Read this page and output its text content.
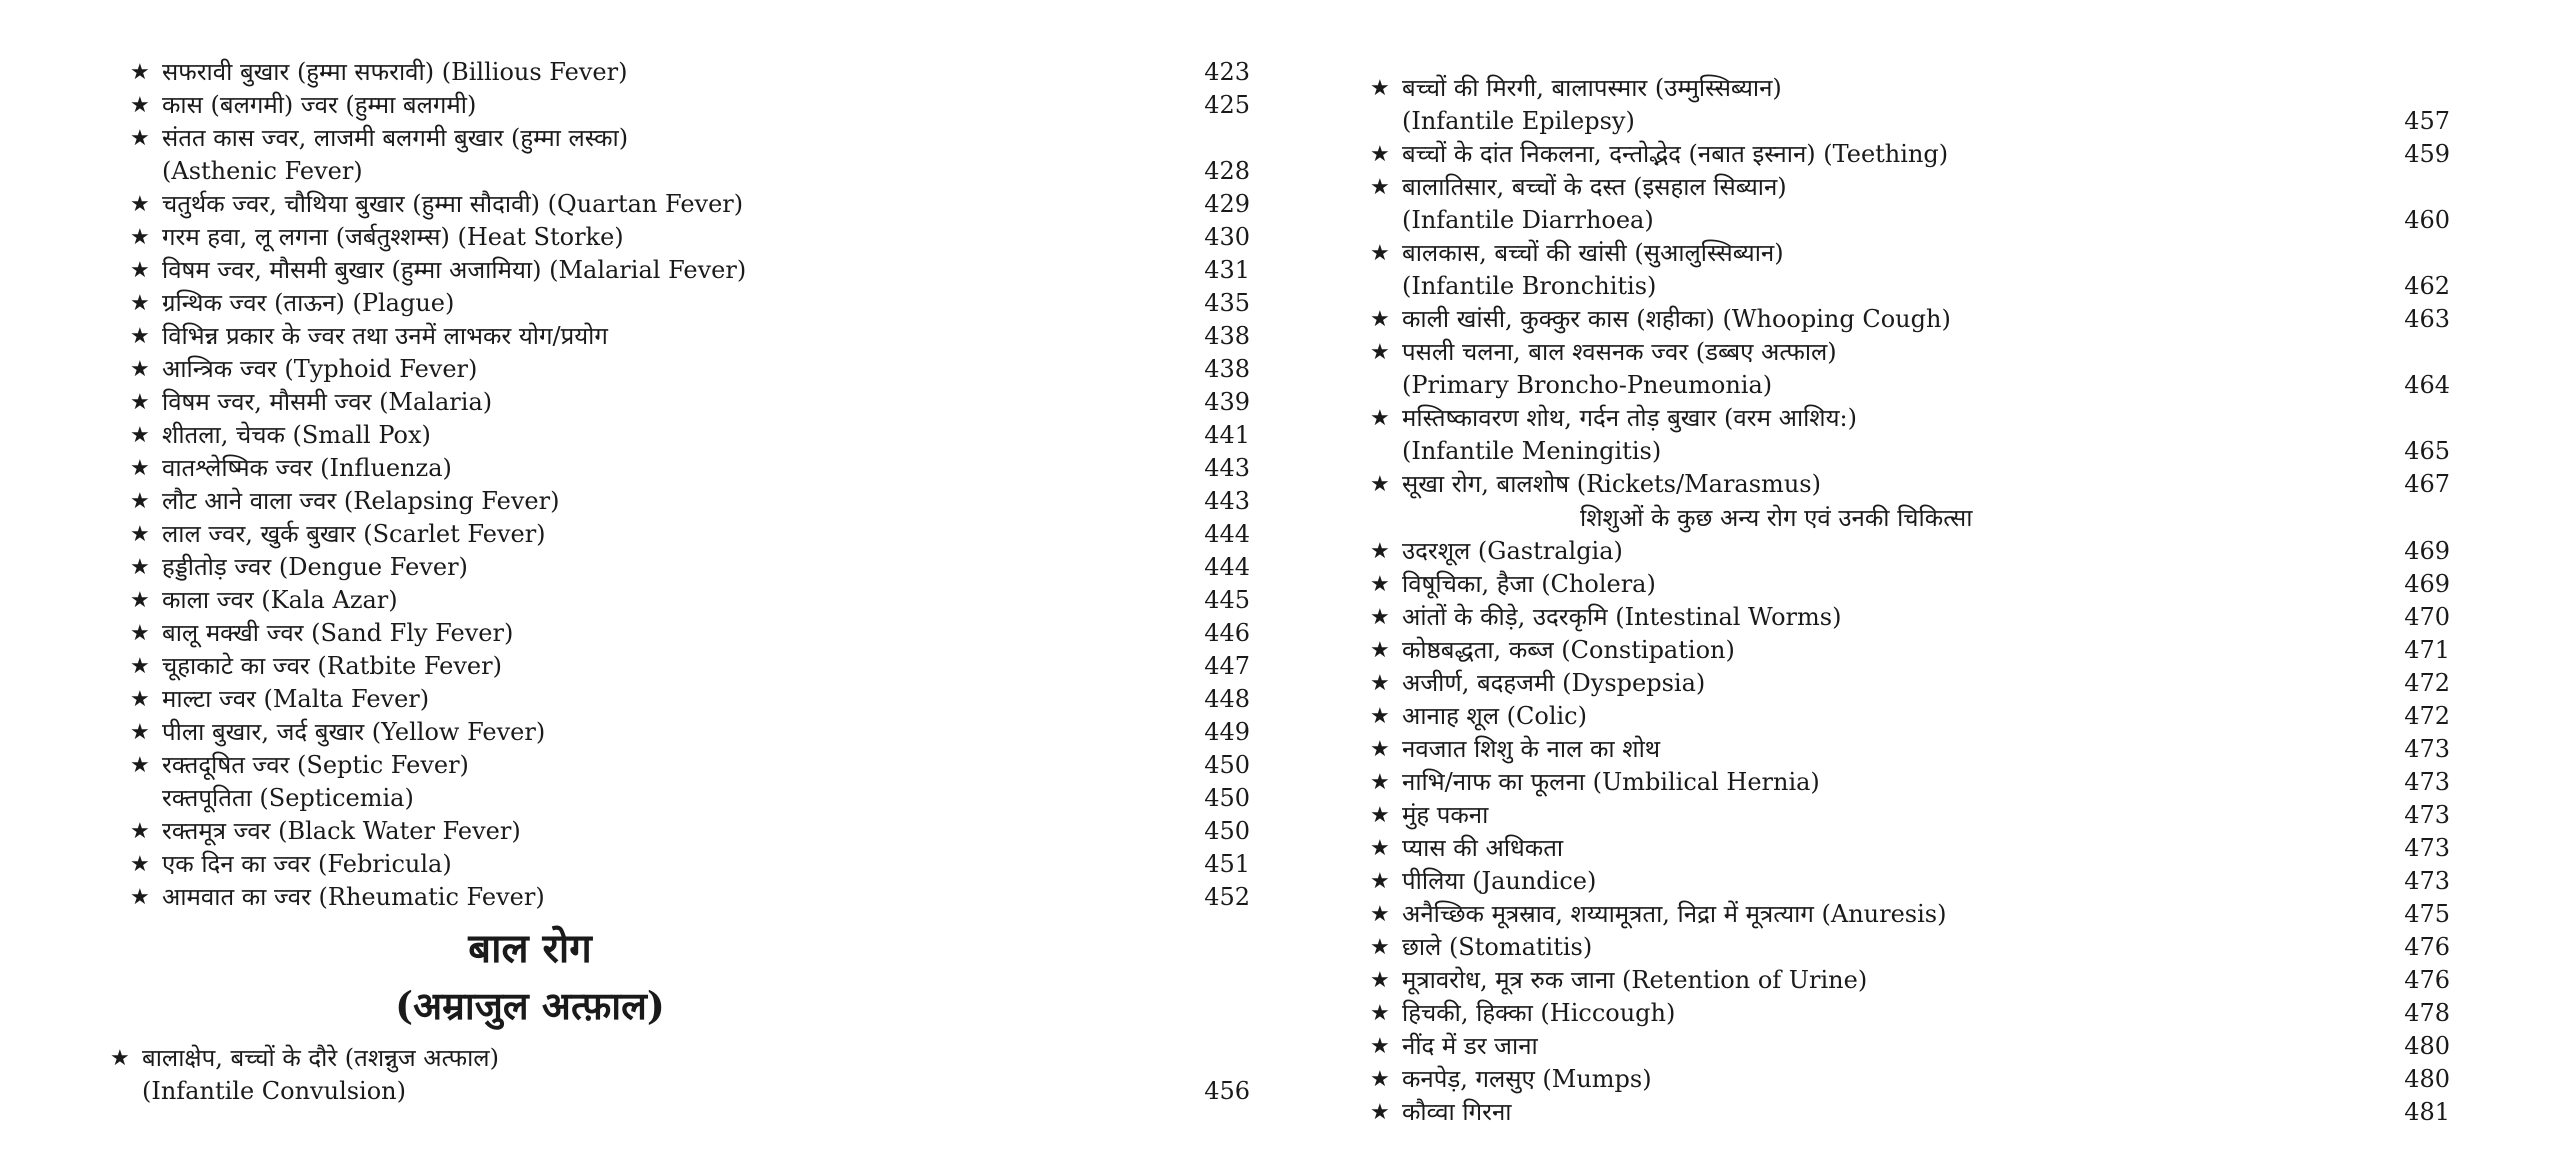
★ सफरावी बुखार (हुम्मा सफरावी) (Billious Fever)	423
★ कास (बलगमी) ज्वर (हुम्मा बलगमी)	425
★ संतत कास ज्वर, लाजमी बलगमी बुखार (हुम्मा लस्का)
(Asthenic Fever)	428
★ चतुर्थक ज्वर, चौथिया बुखार (हुम्मा सौदावी) (Quartan Fever)	429
★ गरम हवा, लू लगना (जर्बतुश्शम्स) (Heat Storke)	430
★ विषम ज्वर, मौसमी बुखार (हुम्मा अजामिया) (Malarial Fever)	431
★ ग्रन्थिक ज्वर (ताऊन) (Plague)	435
★ विभिन्न प्रकार के ज्वर तथा उनमें लाभकर योग/प्रयोग	438
★ आन्त्रिक ज्वर (Typhoid Fever)	438
★ विषम ज्वर, मौसमी ज्वर (Malaria)	439
★ शीतला, चेचक (Small Pox)	441
★ वातश्लेष्मिक ज्वर (Influenza)	443
★ लौट आने वाला ज्वर (Relapsing Fever)	443
★ लाल ज्वर, खुर्क बुखार (Scarlet Fever)	444
★ हड्डीतोड़ ज्वर (Dengue Fever)	444
★ काला ज्वर (Kala Azar)	445
★ बालू मक्खी ज्वर (Sand Fly Fever)	446
★ चूहाकाटे का ज्वर (Ratbite Fever)	447
★ माल्टा ज्वर (Malta Fever)	448
★ पीला बुखार, जर्द बुखार (Yellow Fever)	449
★ रक्तदूषित ज्वर (Septic Fever)	450
रक्तपूतिता (Septicemia)	450
★ रक्तमूत्र ज्वर (Black Water Fever)	450
★ एक दिन का ज्वर (Febricula)	451
★ आमवात का ज्वर (Rheumatic Fever)	452
बाल रोग
(अम्राजुल अत्फ़ाल)
★ बालाक्षेप, बच्चों के दौरे (तशन्नुज अत्फाल)
(Infantile Convulsion)	456
★ बच्चों की मिरगी, बालापस्मार (उम्मुस्सिब्यान)
(Infantile Epilepsy)	457
★ बच्चों के दांत निकलना, दन्तोद्भेद (नबात इस्नान) (Teething)	459
★ बालातिसार, बच्चों के दस्त (इसहाल सिब्यान)
(Infantile Diarrhoea)	460
★ बालकास, बच्चों की खांसी (सुआलुस्सिब्यान)
(Infantile Bronchitis)	462
★ काली खांसी, कुक्कुर कास (शहीका) (Whooping Cough)	463
★ पसली चलना, बाल श्वसनक ज्वर (डब्बए अत्फाल)
(Primary Broncho-Pneumonia)	464
★ मस्तिष्कावरण शोथ, गर्दन तोड़ बुखार (वरम आशिय:)
(Infantile Meningitis)	465
★ सूखा रोग, बालशोष (Rickets/Marasmus)	467
शिशुओं के कुछ अन्य रोग एवं उनकी चिकित्सा
★ उदरशूल (Gastralgia)	469
★ विषूचिका, हैजा (Cholera)	469
★ आंतों के कीड़े, उदरकृमि (Intestinal Worms)	470
★ कोष्ठबद्धता, कब्ज (Constipation)	471
★ अजीर्ण, बदहजमी (Dyspepsia)	472
★ आनाह शूल (Colic)	472
★ नवजात शिशु के नाल का शोथ	473
★ नाभि/नाफ का फूलना (Umbilical Hernia)	473
★ मुंह पकना	473
★ प्यास की अधिकता	473
★ पीलिया (Jaundice)	473
★ अनैच्छिक मूत्रस्राव, शय्यामूत्रता, निद्रा में मूत्रत्याग (Anuresis)	475
★ छाले (Stomatitis)	476
★ मूत्रावरोध, मूत्र रुक जाना (Retention of Urine)	476
★ हिचकी, हिक्का (Hiccough)	478
★ नींद में डर जाना	480
★ कनपेड़, गलसुए (Mumps)	480
★ कौव्वा गिरना	481
